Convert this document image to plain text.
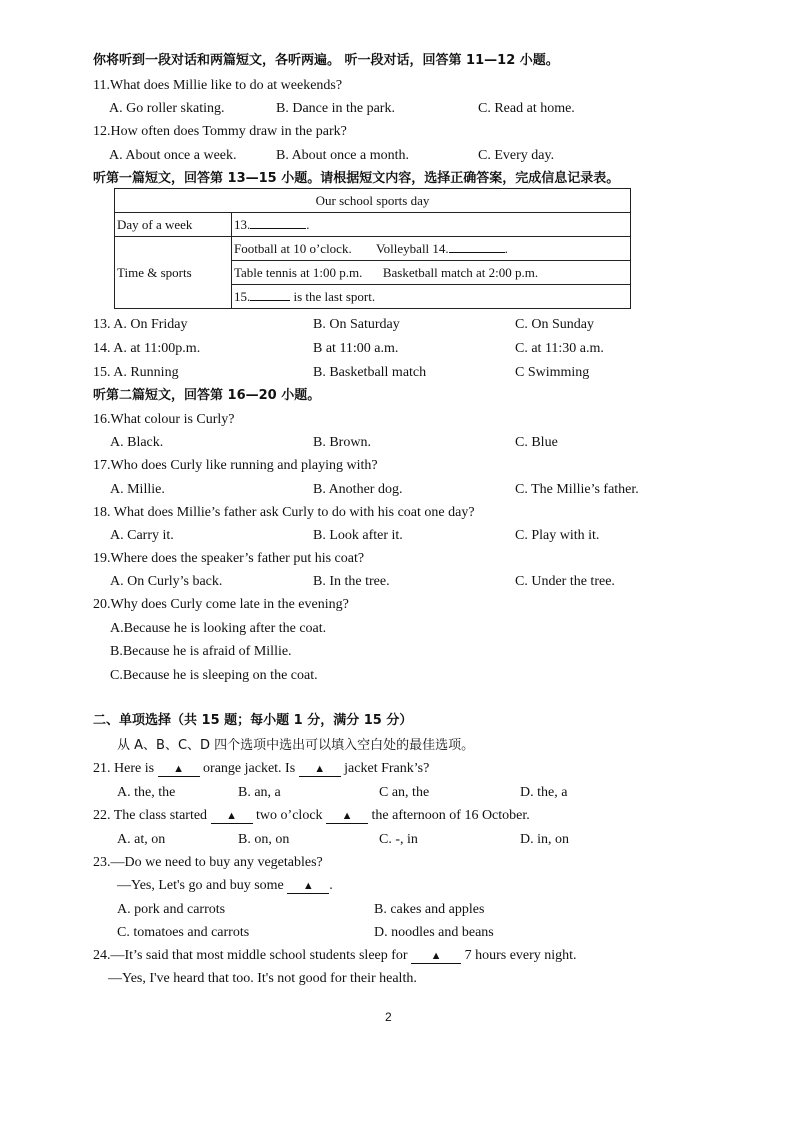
你将听到一段对话和两篇短文，各听两遍。 听一段对话，回答第 11—12 小题。
11.What does Millie like to do at weekends?
A. Go roller skating.	B. Dance in the park.	C. Read at home.
12.How often does Tommy draw in the park?
A. About once a week.	B. About once a month.	C. Every day.
听第一篇短文，回答第 13—15 小题。请根据短文内容，选择正确答案，完成信息记录表。
Our school sports day	
Day of a week	13. .
Time & sports	Football at 10 o’clock. Volleyball 14. .
	Table tennis at 1:00 p.m. Basketball match at 2:00 p.m.
	15. is the last sport.
13. A. On Friday	B. On Saturday	C. On Sunday
14. A. at 11:00p.m.	B at 11:00 a.m.	C. at 11:30 a.m.
15. A. Running	B. Basketball match	C Swimming
听第二篇短文，回答第 16—20 小题。
16.What colour is Curly?
A. Black.	B. Brown.	C. Blue
17.Who does Curly like running and playing with?
A. Millie.	B. Another dog.	C. The Millie’s father.
18. What does Millie’s father ask Curly to do with his coat one day?
A. Carry it.	B. Look after it.	C. Play with it.
19.Where does the speaker’s father put his coat?
A. On Curly’s back.	B. In the tree.	C. Under the tree.
20.Why does Curly come late in the evening?
A.Because he is looking after the coat.
B.Because he is afraid of Millie.
C.Because he is sleeping on the coat.
二、单项选择（共 15 题；每小题 1 分，满分 15 分）
从 A、B、C、D 四个选项中选出可以填入空白处的最佳选项。
21. Here is ▲ orange jacket. Is ▲ jacket Frank’s?
A. the, the	B. an, a	C an, the	D. the, a
22. The class started ▲ two o’clock ▲ the afternoon of 16 October.
A. at, on	B. on, on	C. -, in	D. in, on
23.—Do we need to buy any vegetables?
—Yes, Let's go and buy some ▲ .
A. pork and carrots	B. cakes and apples
C. tomatoes and carrots	D. noodles and beans
24.—It’s said that most middle school students sleep for ▲ 7 hours every night.
—Yes, I've heard that too. It's not good for their health.
2
